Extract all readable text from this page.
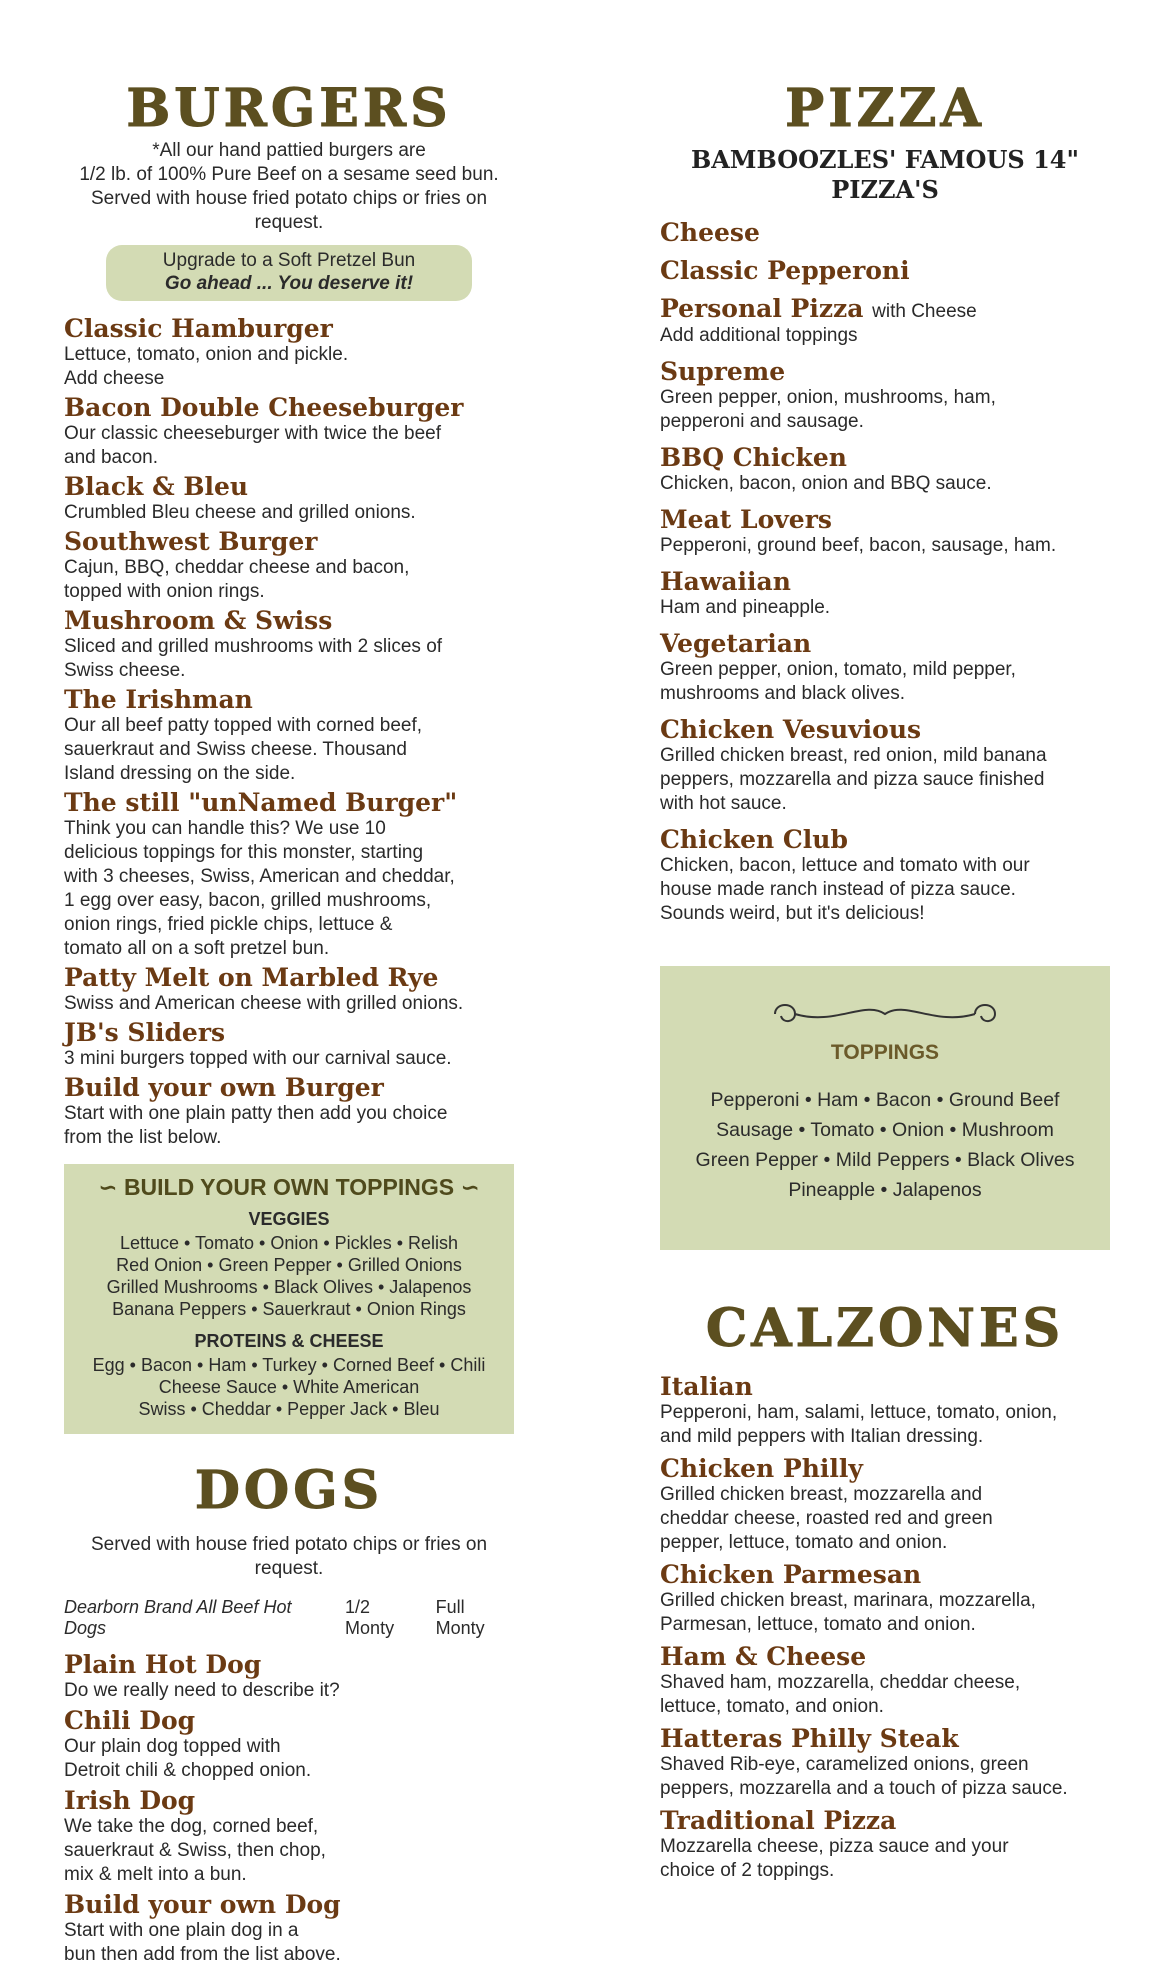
BURGERS
*All our hand pattied burgers are
1/2 lb. of 100% Pure Beef on a sesame seed bun.
Served with house fried potato chips or fries on request.
Upgrade to a Soft Pretzel Bun
Go ahead ... You deserve it!
Classic Hamburger
Lettuce, tomato, onion and pickle.
Add cheese
Bacon Double Cheeseburger
Our classic cheeseburger with twice the beef
and bacon.
Black & Bleu
Crumbled Bleu cheese and grilled onions.
Southwest Burger
Cajun, BBQ, cheddar cheese and bacon,
topped with onion rings.
Mushroom & Swiss
Sliced and grilled mushrooms with 2 slices of
Swiss cheese.
The Irishman
Our all beef patty topped with corned beef,
sauerkraut and Swiss cheese. Thousand
Island dressing on the side.
The still "unNamed Burger"
Think you can handle this? We use 10
delicious toppings for this monster, starting
with 3 cheeses, Swiss, American and cheddar,
1 egg over easy, bacon, grilled mushrooms,
onion rings, fried pickle chips, lettuce &
tomato all on a soft pretzel bun.
Patty Melt on Marbled Rye
Swiss and American cheese with grilled onions.
JB's Sliders
3 mini burgers topped with our carnival sauce.
Build your own Burger
Start with one plain patty then add you choice
from the list below.
∽ BUILD YOUR OWN TOPPINGS ∽
VEGGIES
Lettuce • Tomato • Onion • Pickles • Relish
Red Onion • Green Pepper • Grilled Onions
Grilled Mushrooms • Black Olives • Jalapenos
Banana Peppers • Sauerkraut • Onion Rings
PROTEINS & CHEESE
Egg • Bacon • Ham • Turkey • Corned Beef • Chili
Cheese Sauce • White American
Swiss • Cheddar • Pepper Jack • Bleu
DOGS
Served with house fried potato chips or fries on request.
Dearborn Brand All Beef Hot Dogs
1/2 Monty
Full Monty
Plain Hot Dog
Do we really need to describe it?
Chili Dog
Our plain dog topped with
Detroit chili & chopped onion.
Irish Dog
We take the dog, corned beef,
sauerkraut & Swiss, then chop,
mix & melt into a bun.
Build your own Dog
Start with one plain dog in a
bun then add from the list above.
PIZZA
BAMBOOZLES' FAMOUS 14" PIZZA'S
Cheese
Classic Pepperoni
Personal Pizza with Cheese
Add additional toppings
Supreme
Green pepper, onion, mushrooms, ham,
pepperoni and sausage.
BBQ Chicken
Chicken, bacon, onion and BBQ sauce.
Meat Lovers
Pepperoni, ground beef, bacon, sausage, ham.
Hawaiian
Ham and pineapple.
Vegetarian
Green pepper, onion, tomato, mild pepper,
mushrooms and black olives.
Chicken Vesuvious
Grilled chicken breast, red onion, mild banana
peppers, mozzarella and pizza sauce finished
with hot sauce.
Chicken Club
Chicken, bacon, lettuce and tomato with our
house made ranch instead of pizza sauce.
Sounds weird, but it's delicious!
TOPPINGS
Pepperoni • Ham • Bacon • Ground Beef
Sausage • Tomato • Onion • Mushroom
Green Pepper • Mild Peppers • Black Olives
Pineapple • Jalapenos
CALZONES
Italian
Pepperoni, ham, salami, lettuce, tomato, onion,
and mild peppers with Italian dressing.
Chicken Philly
Grilled chicken breast, mozzarella and
cheddar cheese, roasted red and green
pepper, lettuce, tomato and onion.
Chicken Parmesan
Grilled chicken breast, marinara, mozzarella,
Parmesan, lettuce, tomato and onion.
Ham & Cheese
Shaved ham, mozzarella, cheddar cheese,
lettuce, tomato, and onion.
Hatteras Philly Steak
Shaved Rib-eye, caramelized onions, green
peppers, mozzarella and a touch of pizza sauce.
Traditional Pizza
Mozzarella cheese, pizza sauce and your
choice of 2 toppings.
